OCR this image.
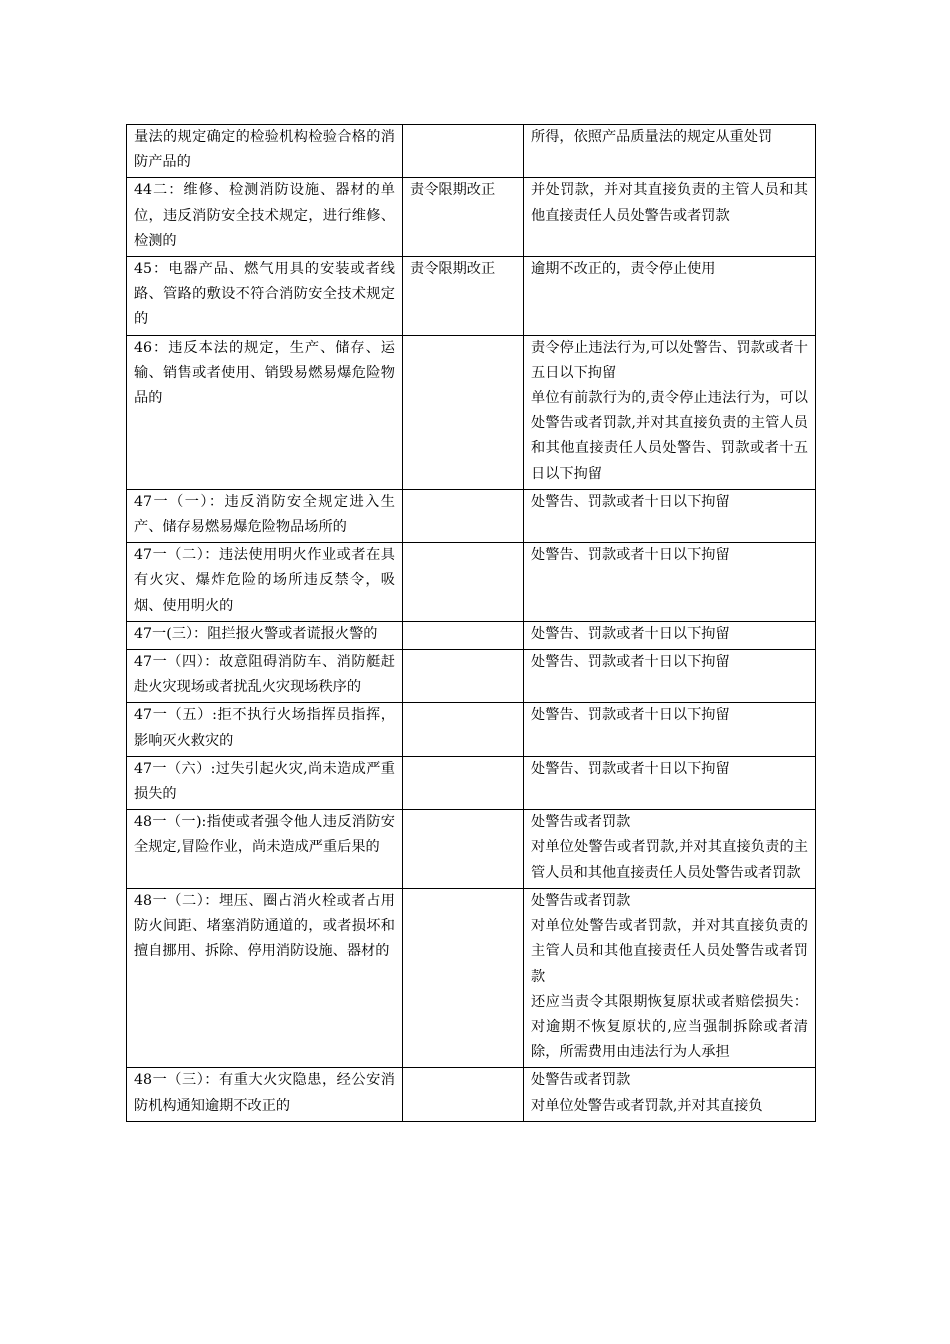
量法的规定确定的检验机构检验合格的消防产品的		所得，依照产品质量法的规定从重处罚

44二：维修、检测消防设施、器材的单位，违反消防安全技术规定，进行维修、检测的	责令限期改正	并处罚款，并对其直接负责的主管人员和其他直接责任人员处警告或者罚款

45：电器产品、燃气用具的安装或者线路、管路的敷设不符合消防安全技术规定的	责令限期改正	逾期不改正的，责令停止使用

46：违反本法的规定，生产、储存、运输、销售或者使用、销毁易燃易爆危险物品的		责令停止违法行为,可以处警告、罚款或者十五日以下拘留
单位有前款行为的,责令停止违法行为，可以处警告或者罚款,并对其直接负责的主管人员和其他直接责任人员处警告、罚款或者十五日以下拘留

47一（一）：违反消防安全规定进入生产、储存易燃易爆危险物品场所的		处警告、罚款或者十日以下拘留

47一（二）：违法使用明火作业或者在具有火灾、爆炸危险的场所违反禁令，吸烟、使用明火的		处警告、罚款或者十日以下拘留

47一(三）：阻拦报火警或者谎报火警的		处警告、罚款或者十日以下拘留

47一（四）：故意阻碍消防车、消防艇赶赴火灾现场或者扰乱火灾现场秩序的		处警告、罚款或者十日以下拘留

47一（五）:拒不执行火场指挥员指挥，影响灭火救灾的		处警告、罚款或者十日以下拘留

47一（六）:过失引起火灾,尚未造成严重损失的		处警告、罚款或者十日以下拘留

48一（一):指使或者强令他人违反消防安全规定,冒险作业，尚未造成严重后果的		处警告或者罚款
对单位处警告或者罚款,并对其直接负责的主管人员和其他直接责任人员处警告或者罚款

48一（二）：埋压、圈占消火栓或者占用防火间距、堵塞消防通道的，或者损坏和擅自挪用、拆除、停用消防设施、器材的		处警告或者罚款
对单位处警告或者罚款，并对其直接负责的主管人员和其他直接责任人员处警告或者罚款
还应当责令其限期恢复原状或者赔偿损失：对逾期不恢复原状的,应当强制拆除或者清除，所需费用由违法行为人承担

48一（三）：有重大火灾隐患，经公安消防机构通知逾期不改正的		处警告或者罚款
对单位处警告或者罚款,并对其直接负
